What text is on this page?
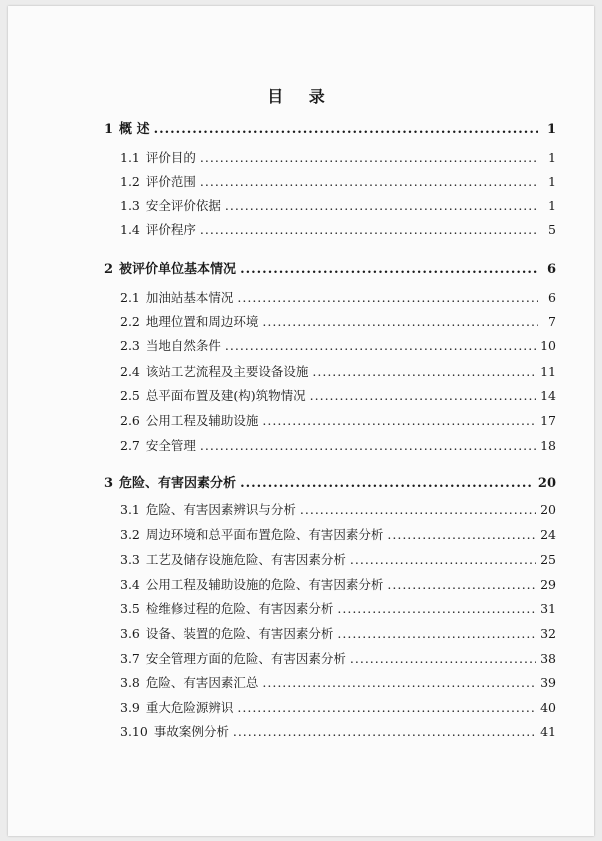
目 录
1 概 述 .....	1
1.1 评价目的 .....	1
1.2 评价范围 .....	1
1.3 安全评价依据 .....	1
1.4 评价程序 .....	5
2 被评价单位基本情况 .....	6
2.1 加油站基本情况 .....	6
2.2 地理位置和周边环境 .....	7
2.3 当地自然条件 .....	10
2.4 该站工艺流程及主要设备设施 .....	11
2.5 总平面布置及建(构)筑物情况 .....	14
2.6 公用工程及辅助设施 .....	17
2.7 安全管理 .....	18
3 危险、有害因素分析 .....	20
3.1 危险、有害因素辨识与分析 .....	20
3.2 周边环境和总平面布置危险、有害因素分析 .....	24
3.3 工艺及储存设施危险、有害因素分析 .....	25
3.4 公用工程及辅助设施的危险、有害因素分析 .....	29
3.5 检维修过程的危险、有害因素分析 .....	31
3.6 设备、装置的危险、有害因素分析 .....	32
3.7 安全管理方面的危险、有害因素分析 .....	38
3.8 危险、有害因素汇总 .....	39
3.9 重大危险源辨识 .....	40
3.10 事故案例分析 .....	41
